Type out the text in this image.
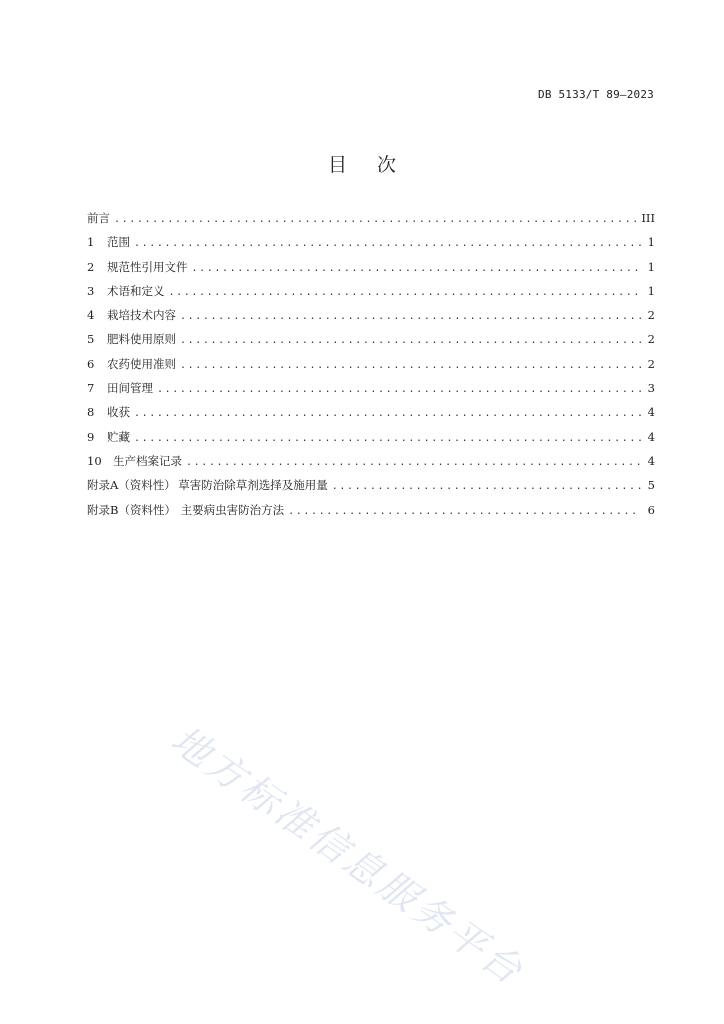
DB 5133/T 89—2023
目次
前言 .....	III
1	范围 .....	1
2	规范性引用文件 .....	1
3	术语和定义 .....	1
4	栽培技术内容 .....	2
5	肥料使用原则 .....	2
6	农药使用准则 .....	2
7	田间管理 .....	3
8	收获 .....	4
9	贮藏 .....	4
10 生产档案记录 .....	4
附录A（资料性） 草害防治除草剂选择及施用量 .....	5
附录B（资料性） 主要病虫害防治方法 .....	6
地方标准信息服务平台
